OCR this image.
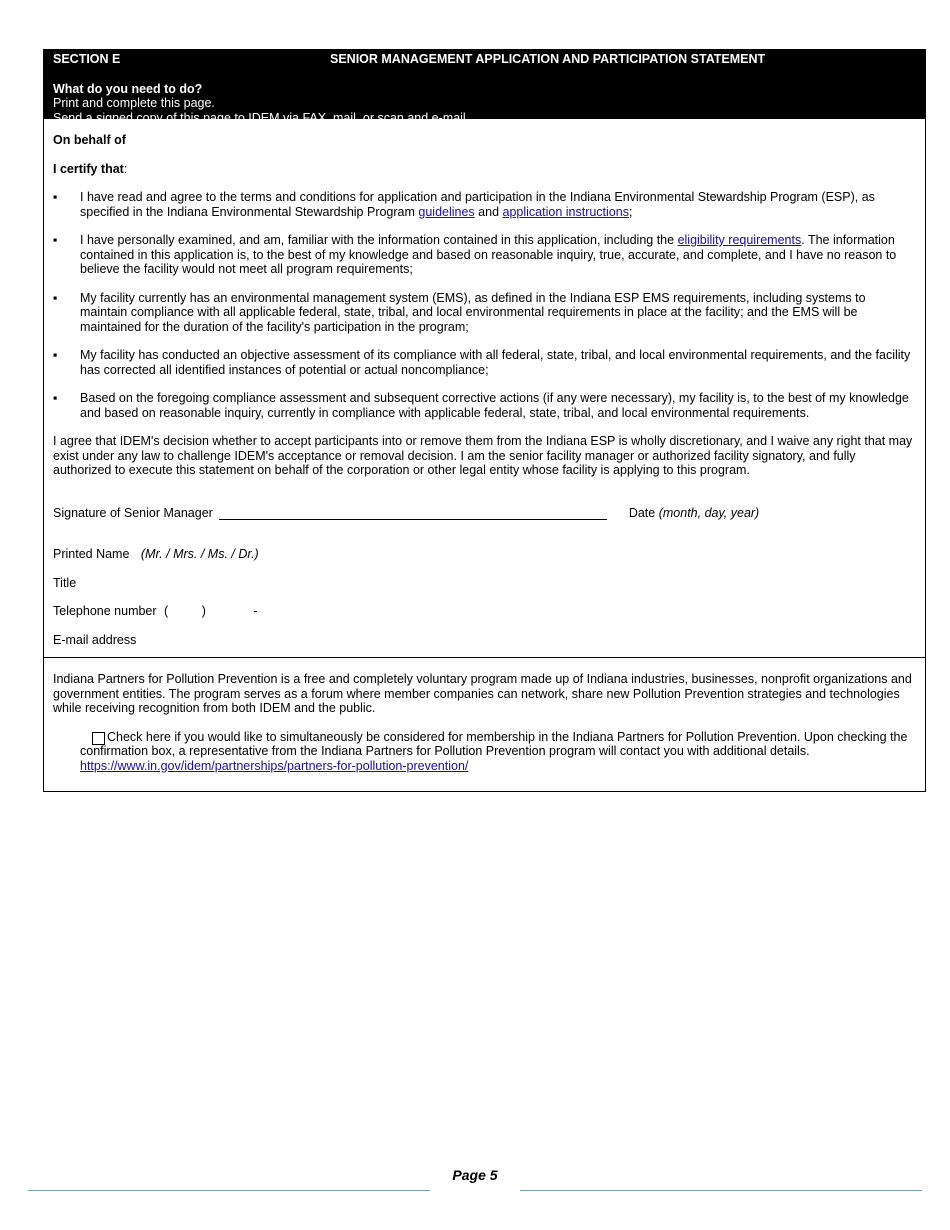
SECTION E	SENIOR MANAGEMENT APPLICATION AND PARTICIPATION STATEMENT
What do you need to do?
Print and complete this page.
Send a signed copy of this page to IDEM via FAX, mail, or scan and e-mail.

On behalf of

I certify that:

▪	I have read and agree to the terms and conditions for application and participation in the Indiana Environmental Stewardship Program (ESP), as specified in the Indiana Environmental Stewardship Program guidelines and application instructions;
▪	I have personally examined, and am, familiar with the information contained in this application, including the eligibility requirements. The information contained in this application is, to the best of my knowledge and based on reasonable inquiry, true, accurate, and complete, and I have no reason to believe the facility would not meet all program requirements;
▪	My facility currently has an environmental management system (EMS), as defined in the Indiana ESP EMS requirements, including systems to maintain compliance with all applicable federal, state, tribal, and local environmental requirements in place at the facility; and the EMS will be maintained for the duration of the facility's participation in the program;
▪	My facility has conducted an objective assessment of its compliance with all federal, state, tribal, and local environmental requirements, and the facility has corrected all identified instances of potential or actual noncompliance;
▪	Based on the foregoing compliance assessment and subsequent corrective actions (if any were necessary), my facility is, to the best of my knowledge and based on reasonable inquiry, currently in compliance with applicable federal, state, tribal, and local environmental requirements.

I agree that IDEM's decision whether to accept participants into or remove them from the Indiana ESP is wholly discretionary, and I waive any right that may exist under any law to challenge IDEM's acceptance or removal decision. I am the senior facility manager or authorized facility signatory, and fully authorized to execute this statement on behalf of the corporation or other legal entity whose facility is applying to this program.

Signature of Senior Manager	Date
(month, day, year)
Printed Name (Mr. / Mrs. / Ms. / Dr.)
Title
Telephone number (	)	-
E-mail address

Indiana Partners for Pollution Prevention is a free and completely voluntary program made up of Indiana industries, businesses, nonprofit organizations and government entities. The program serves as a forum where member companies can network, share new Pollution Prevention strategies and technologies while receiving recognition from both IDEM and the public.

Check here if you would like to simultaneously be considered for membership in the Indiana Partners for Pollution Prevention. Upon checking the confirmation box, a representative from the Indiana Partners for Pollution Prevention program will contact you with additional details.
https://www.in.gov/idem/partnerships/partners-for-pollution-prevention/
Page 5
